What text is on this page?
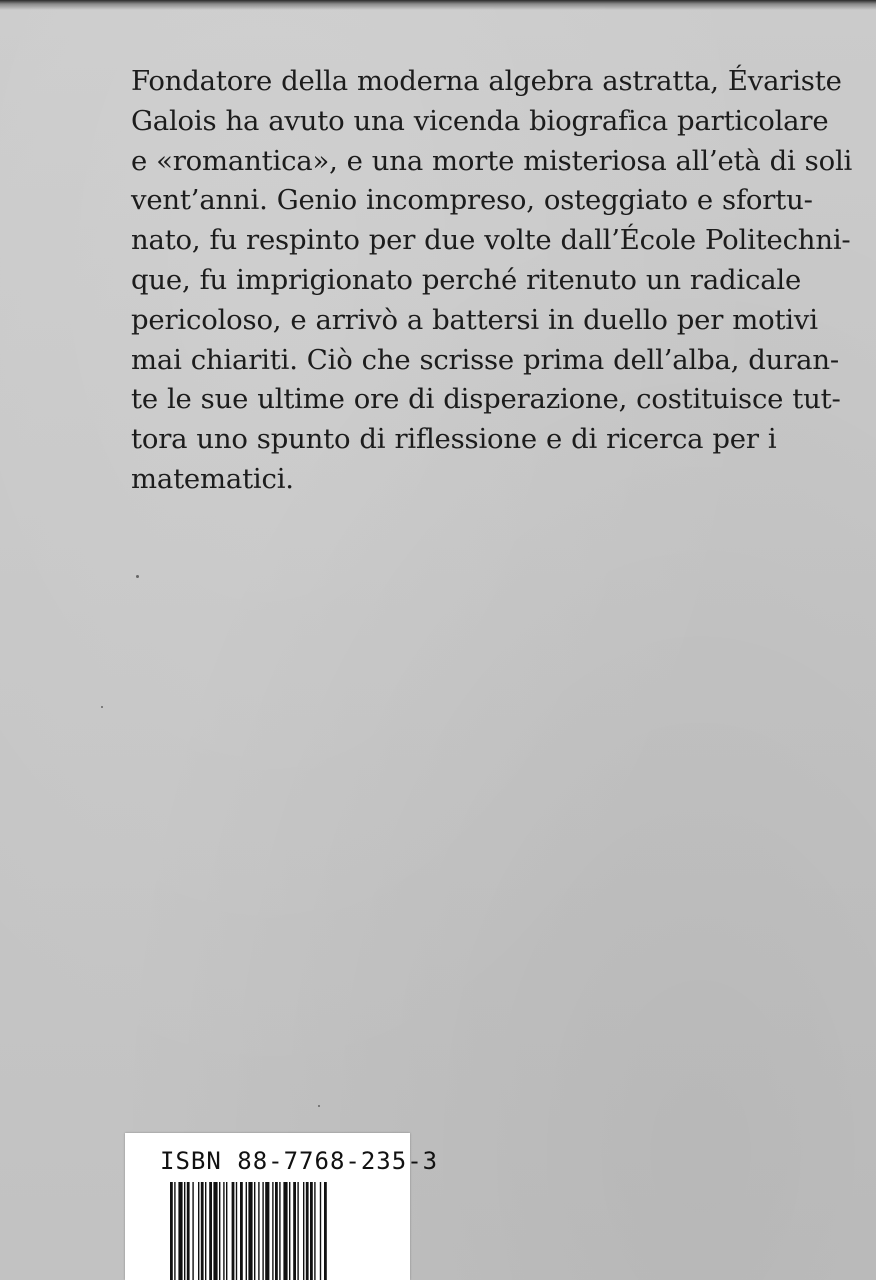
Fondatore della moderna algebra astratta, Évariste
Galois ha avuto una vicenda biografica particolare
e «romantica», e una morte misteriosa all’età di soli
vent’anni. Genio incompreso, osteggiato e sfortu-
nato, fu respinto per due volte dall’École Politechni-
que, fu imprigionato perché ritenuto un radicale
pericoloso, e arrivò a battersi in duello per motivi
mai chiariti. Ciò che scrisse prima dell’alba, duran-
te le sue ultime ore di disperazione, costituisce tut-
tora uno spunto di riflessione e di ricerca per i
matematici.

ISBN 88-7768-235-3
